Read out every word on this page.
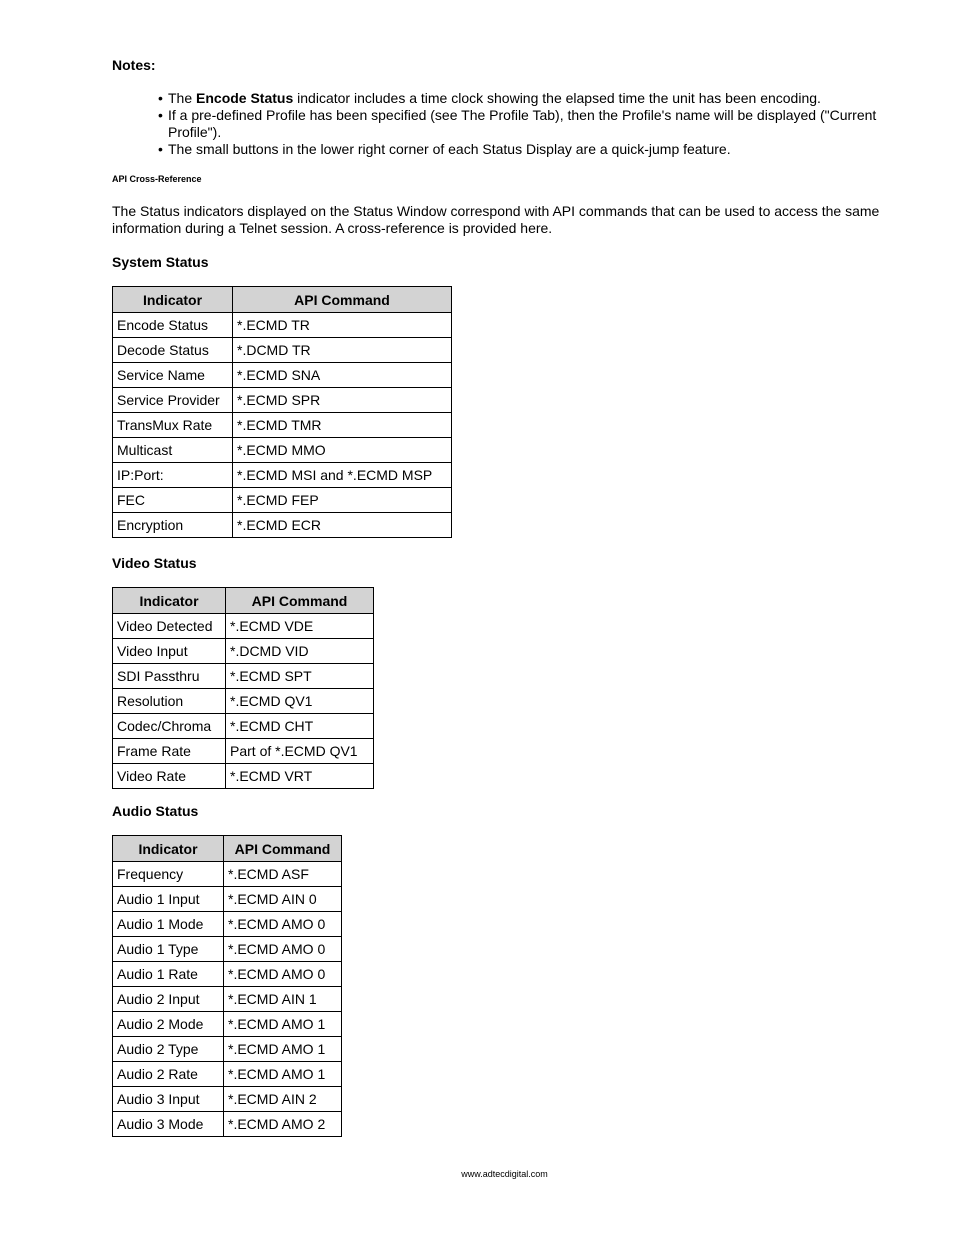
Notes:
• The Encode Status indicator includes a time clock showing the elapsed time the unit has been encoding.
• If a pre-defined Profile has been specified (see The Profile Tab), then the Profile's name will be displayed ("Current Profile").
• The small buttons in the lower right corner of each Status Display are a quick-jump feature.
API Cross-Reference
The Status indicators displayed on the Status Window correspond with API commands that can be used to access the same information during a Telnet session. A cross-reference is provided here.
System Status
Indicator	API Command
Encode Status	*.ECMD TR
Decode Status	*.DCMD TR
Service Name	*.ECMD SNA
Service Provider	*.ECMD SPR
TransMux Rate	*.ECMD TMR
Multicast	*.ECMD MMO
IP:Port:	*.ECMD MSI and *.ECMD MSP
FEC	*.ECMD FEP
Encryption	*.ECMD ECR
Video Status
Indicator	API Command
Video Detected	*.ECMD VDE
Video Input	*.DCMD VID
SDI Passthru	*.ECMD SPT
Resolution	*.ECMD QV1
Codec/Chroma	*.ECMD CHT
Frame Rate	Part of *.ECMD QV1
Video Rate	*.ECMD VRT
Audio Status
Indicator	API Command
Frequency	*.ECMD ASF
Audio 1 Input	*.ECMD AIN 0
Audio 1 Mode	*.ECMD AMO 0
Audio 1 Type	*.ECMD AMO 0
Audio 1 Rate	*.ECMD AMO 0
Audio 2 Input	*.ECMD AIN 1
Audio 2 Mode	*.ECMD AMO 1
Audio 2 Type	*.ECMD AMO 1
Audio 2 Rate	*.ECMD AMO 1
Audio 3 Input	*.ECMD AIN 2
Audio 3 Mode	*.ECMD AMO 2
www.adtecdigital.com
